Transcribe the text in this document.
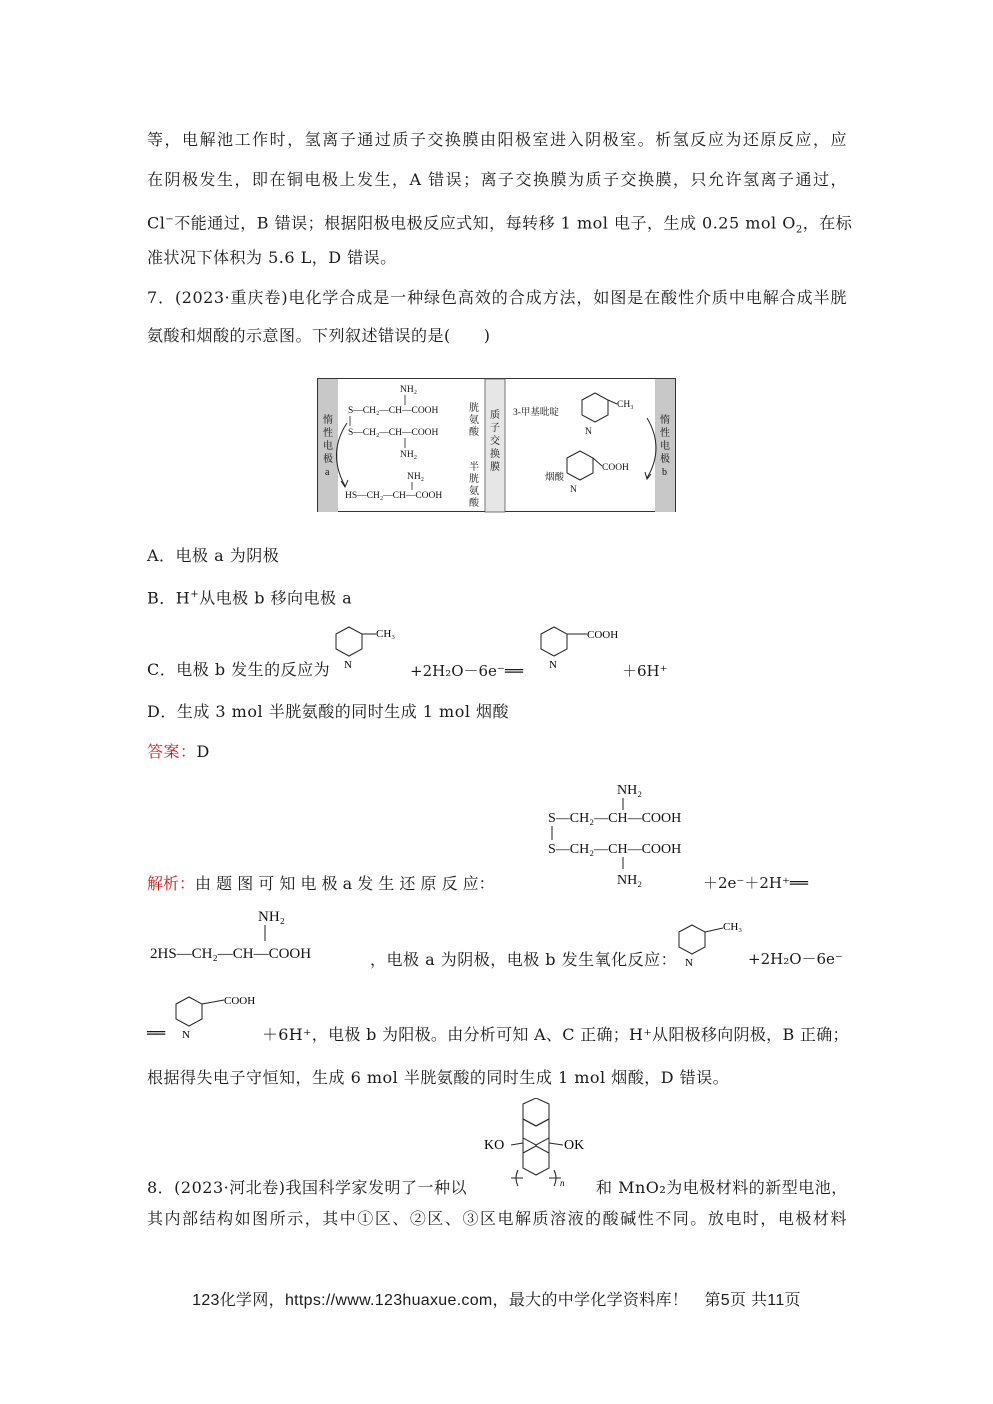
等，电解池工作时，氢离子通过质子交换膜由阳极室进入阴极室。析氢反应为还原反应，应
在阴极发生，即在铜电极上发生，A 错误；离子交换膜为质子交换膜，只允许氢离子通过，
Cl−不能通过，B 错误；根据阳极电极反应式知，每转移 1 mol 电子，生成 0.25 mol $O_2$，在标
准状况下体积为 5.6 L，D 错误。
7．(2023·重庆卷)电化学合成是一种绿色高效的合成方法，如图是在酸性介质中电解合成半胱
氨酸和烟酸的示意图。下列叙述错误的是(　　)
惰
性
电
极
a
惰
性
电
极
b
质
子
交
换
膜
胱
氨
酸
半
胱
氨
酸
NH₂
S—CH₂—CH—COOH
S—CH₂—CH—COOH
NH₂
NH₂
HS—CH₂—CH—COOH
3-甲基吡啶
CH₃
N
烟酸
COOH
N
A．电极 a 为阴极
B．H+从电极 b 移向电极 a
C．电极 b 发生的反应为
CH₃
N	+2H₂O－6e⁻══
COOH
N	＋6H⁺
D．生成 3 mol 半胱氨酸的同时生成 1 mol 烟酸
答案：D
NH₂
S—CH₂—CH—COOH
S—CH₂—CH—COOH
NH₂
解析：由 题 图 可 知 电 极 a 发 生 还 原 反 应：	＋2e⁻＋2H⁺══
NH₂
2HS—CH₂—CH—COOH	，电极 a 为阴极，电极 b 发生氧化反应：
CH₃
N	+2H₂O－6e⁻
══
COOH
N	＋6H⁺，电极 b 为阳极。由分析可知 A、C 正确；H⁺从阳极移向阴极，B 正确；
根据得失电子守恒知，生成 6 mol 半胱氨酸的同时生成 1 mol 烟酸，D 错误。
KO	OK
n
8．(2023·河北卷)我国科学家发明了一种以	和 MnO₂为电极材料的新型电池，
其内部结构如图所示，其中①区、②区、③区电解质溶液的酸碱性不同。放电时，电极材料
123化学网，https://www.123huaxue.com，最大的中学化学资料库！　第5页 共11页
